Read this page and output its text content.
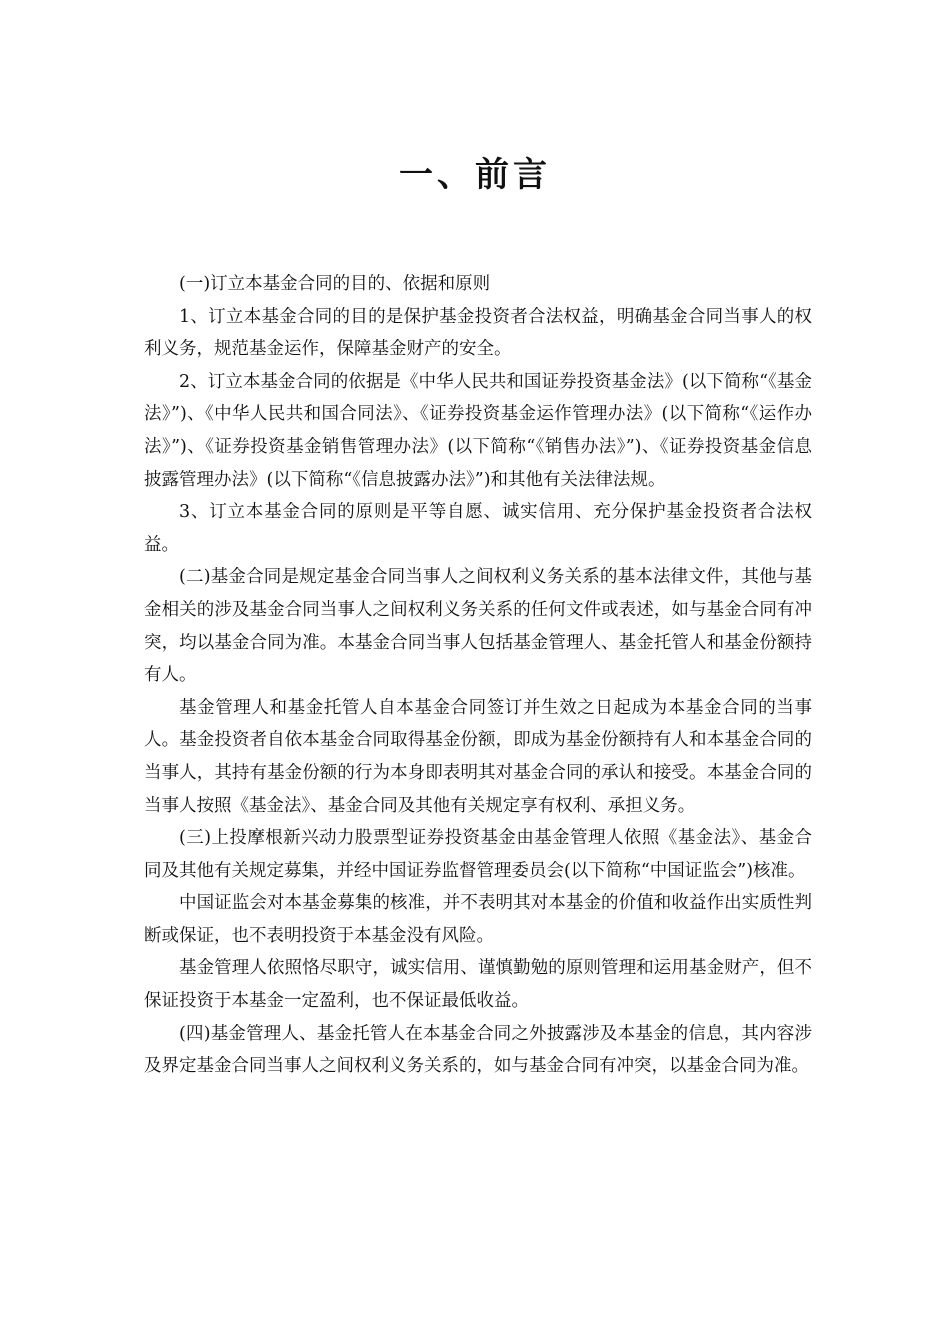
一、前言

(一)订立本基金合同的目的、依据和原则

1、订立本基金合同的目的是保护基金投资者合法权益，明确基金合同当事人的权利义务，规范基金运作，保障基金财产的安全。

2、订立本基金合同的依据是《中华人民共和国证券投资基金法》(以下简称“《基金法》”)、《中华人民共和国合同法》、《证券投资基金运作管理办法》(以下简称“《运作办法》”)、《证券投资基金销售管理办法》(以下简称“《销售办法》”)、《证券投资基金信息披露管理办法》(以下简称“《信息披露办法》”)和其他有关法律法规。

3、订立本基金合同的原则是平等自愿、诚实信用、充分保护基金投资者合法权益。

(二)基金合同是规定基金合同当事人之间权利义务关系的基本法律文件，其他与基金相关的涉及基金合同当事人之间权利义务关系的任何文件或表述，如与基金合同有冲突，均以基金合同为准。本基金合同当事人包括基金管理人、基金托管人和基金份额持有人。

基金管理人和基金托管人自本基金合同签订并生效之日起成为本基金合同的当事人。基金投资者自依本基金合同取得基金份额，即成为基金份额持有人和本基金合同的当事人，其持有基金份额的行为本身即表明其对基金合同的承认和接受。本基金合同的当事人按照《基金法》、基金合同及其他有关规定享有权利、承担义务。

(三)上投摩根新兴动力股票型证券投资基金由基金管理人依照《基金法》、基金合同及其他有关规定募集，并经中国证券监督管理委员会(以下简称“中国证监会”)核准。

中国证监会对本基金募集的核准，并不表明其对本基金的价值和收益作出实质性判断或保证，也不表明投资于本基金没有风险。

基金管理人依照恪尽职守，诚实信用、谨慎勤勉的原则管理和运用基金财产，但不保证投资于本基金一定盈利，也不保证最低收益。

(四)基金管理人、基金托管人在本基金合同之外披露涉及本基金的信息，其内容涉及界定基金合同当事人之间权利义务关系的，如与基金合同有冲突，以基金合同为准。
